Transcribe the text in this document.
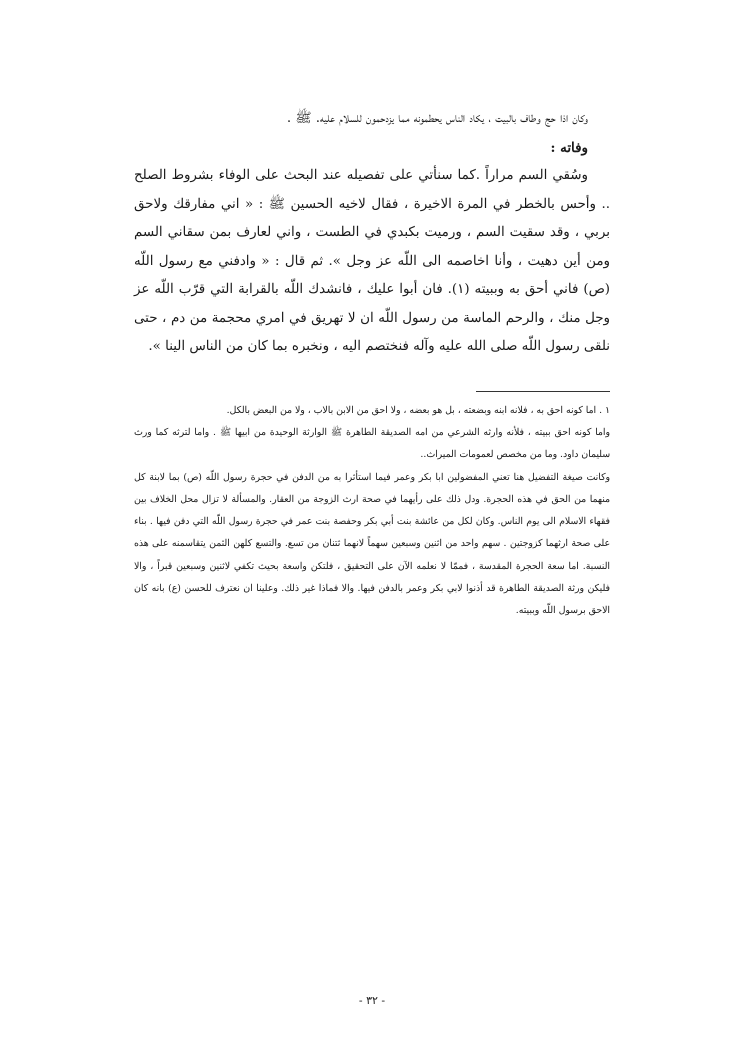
وكان اذا حج وطاف بالبيت ، يكاد الناس يحطمونه مما يزدحمون للسلام عليه. ﷺ .

وفاته :

وسُقي السم مراراً .كما سنأتي على تفصيله عند البحث على الوفاء بشروط الصلح .. وأحس بالخطر في المرة الاخيرة ، فقال لاخيه الحسين ﷺ : « اني مفارقك ولاحق بربي ، وقد سقيت السم ، ورميت بكبدي في الطست ، واني لعارف بمن سقاني السم ومن أين دهيت ، وأنا اخاصمه الى اللّه عز وجل ». ثم قال : « وادفني مع رسول اللّه (ص) فاني أحق به وببيته (١). فان أبوا عليك ، فانشدك اللّه بالقرابة التي قرّب اللّه عز وجل منك ، والرحم الماسة من رسول اللّه ان لا تهريق في امري محجمة من دم ، حتى نلقى رسول اللّه صلى الله عليه وآله فنختصم اليه ، ونخبره بما كان من الناس الينا ».

١ . اما كونه احق به ، فلانه ابنه وبضعته ، بل هو بعضه ، ولا احق من الابن بالاب ، ولا من البعض بالكل.

واما كونه احق ببيته ، فلأنه وارثه الشرعي من امه الصديقة الطاهرة ﷺ الوارثة الوحيدة من ابيها ﷺ . واما لترثه كما ورث سليمان داود. وما من مخصص لعمومات الميراث..

وكانت صيغة التفضيل هنا تعني المفضولين ابا بكر وعمر فيما استأثرا به من الدفن في حجرة رسول اللّه (ص) بما لابنة كل منهما من الحق في هذه الحجرة. ودل ذلك على رأيهما في صحة ارث الزوجة من العقار. والمسألة لا تزال محل الخلاف بين فقهاء الاسلام الى يوم الناس. وكان لكل من عائشة بنت أبي بكر وحفصة بنت عمر في حجرة رسول اللّه التي دفن فيها . بناء على صحة ارثهما كزوجتين . سهم واحد من اثنين وسبعين سهماً لانهما ثتنان من تسع. والتسع كلهن الثمن يتقاسمنه على هذه النسبة. اما سعة الحجرة المقدسة ، فممّا لا نعلمه الآن على التحقيق ، فلتكن واسعة بحيث تكفي لاثنين وسبعين قبراً ، والا فليكن ورثة الصديقة الطاهرة قد أذنوا لابي بكر وعمر بالدفن فيها. والا فماذا غير ذلك. وعلينا ان نعترف للحسن (ع) بانه كان الاحق برسول اللّه وببيته.

- ٣٢ -
